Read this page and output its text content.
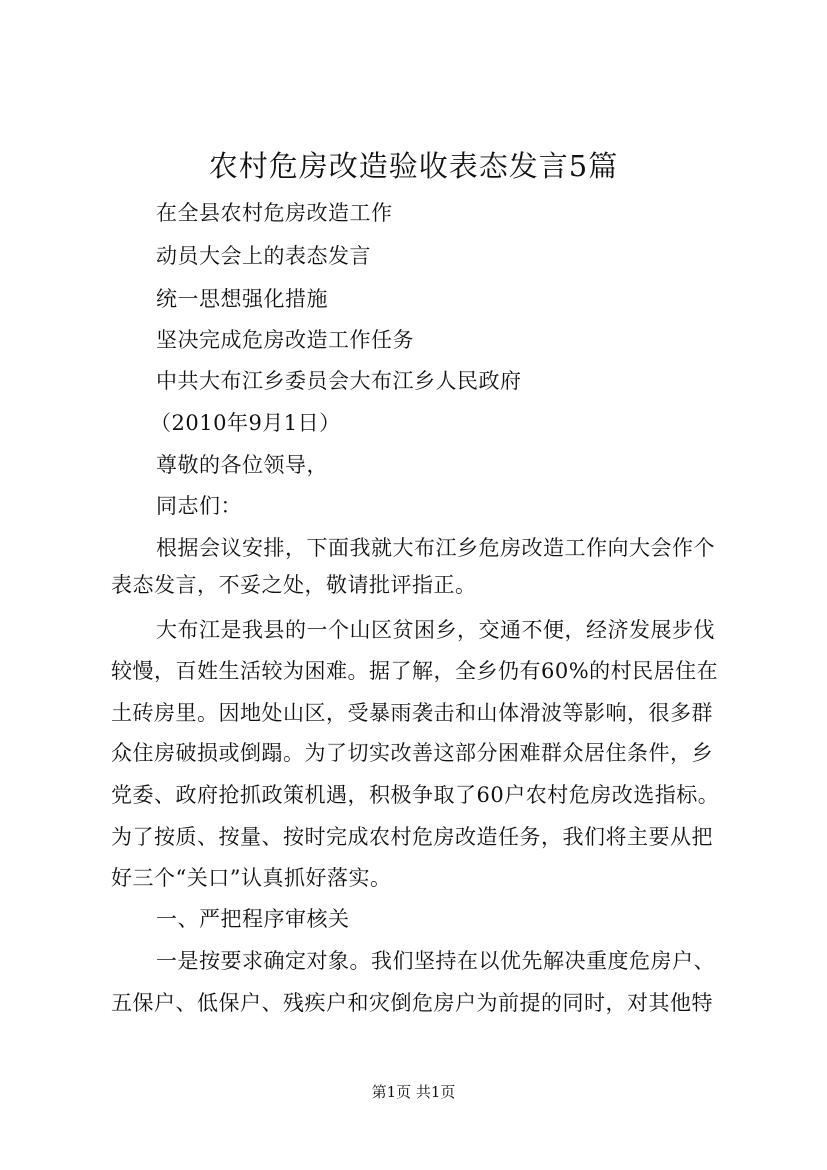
农村危房改造验收表态发言5篇
在全县农村危房改造工作
动员大会上的表态发言
统一思想强化措施
坚决完成危房改造工作任务
中共大布江乡委员会大布江乡人民政府
（2010年9月1日）
尊敬的各位领导，
同志们：
根据会议安排，下面我就大布江乡危房改造工作向大会作个
表态发言，不妥之处，敬请批评指正。
大布江是我县的一个山区贫困乡，交通不便，经济发展步伐
较慢，百姓生活较为困难。据了解，全乡仍有60%的村民居住在
土砖房里。因地处山区，受暴雨袭击和山体滑波等影响，很多群
众住房破损或倒蹋。为了切实改善这部分困难群众居住条件，乡
党委、政府抢抓政策机遇，积极争取了60户农村危房改选指标。
为了按质、按量、按时完成农村危房改造任务，我们将主要从把
好三个“关口”认真抓好落实。
一、严把程序审核关
一是按要求确定对象。我们坚持在以优先解决重度危房户、
五保户、低保户、残疾户和灾倒危房户为前提的同时，对其他特
第1页 共1页
